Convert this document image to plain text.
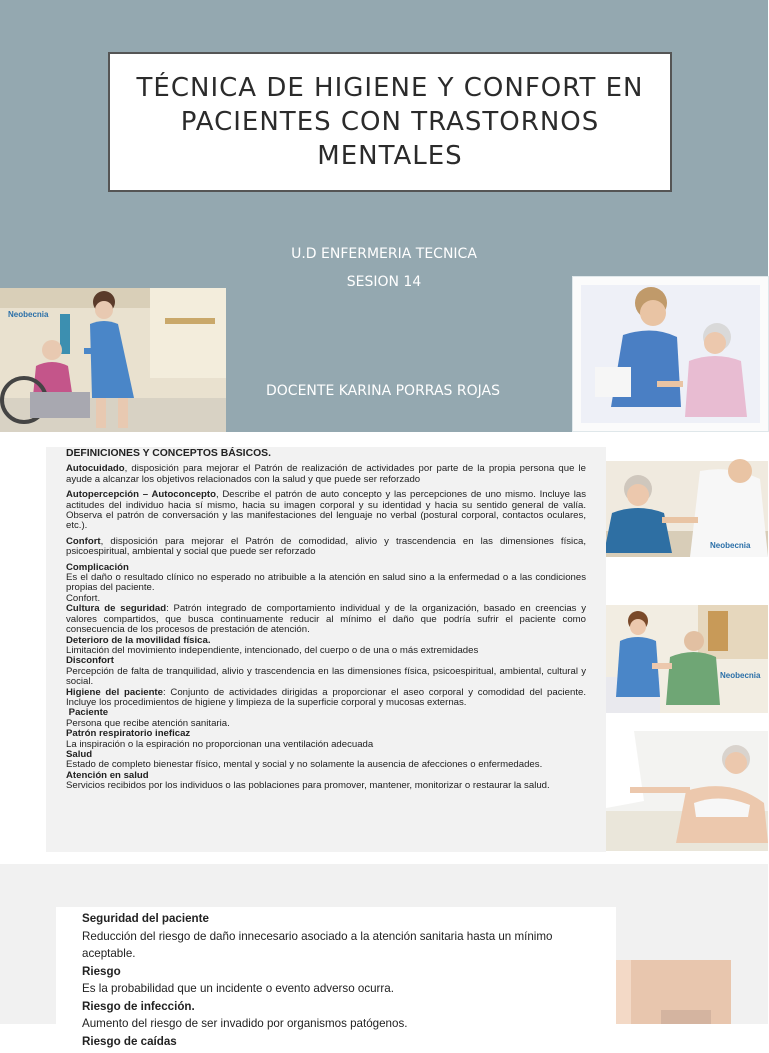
TÉCNICA DE HIGIENE Y CONFORT EN PACIENTES CON TRASTORNOS MENTALES
U.D ENFERMERIA TECNICA
SESION 14
DOCENTE KARINA PORRAS ROJAS
Neobecnia
Neobecnia
Neobecnia
DEFINICIONES Y CONCEPTOS BÁSICOS.

Autocuidado, disposición para mejorar el Patrón de realización de actividades por parte de la propia persona que le ayude a alcanzar los objetivos relacionados con la salud y que puede ser reforzado

Autopercepción – Autoconcepto, Describe el patrón de auto concepto y las percepciones de uno mismo. Incluye las actitudes del individuo hacia sí mismo, hacia su imagen corporal y su identidad y hacia su sentido general de valía. Observa el patrón de conversación y las manifestaciones del lenguaje no verbal (postural corporal, contactos oculares, etc.).

Confort, disposición para mejorar el Patrón de comodidad, alivio y trascendencia en las dimensiones física, psicoespiritual, ambiental y social que puede ser reforzado

Complicación

Es el daño o resultado clínico no esperado no atribuible a la atención en salud sino a la enfermedad o a las condiciones propias del paciente.

Confort.

Cultura de seguridad: Patrón integrado de comportamiento individual y de la organización, basado en creencias y valores compartidos, que busca continuamente reducir al mínimo el daño que podría sufrir el paciente como consecuencia de los procesos de prestación de atención.

Deterioro de la movilidad física.

Limitación del movimiento independiente, intencionado, del cuerpo o de una o más extremidades

Disconfort

Percepción de falta de tranquilidad, alivio y trascendencia en las dimensiones física, psicoespiritual, ambiental, cultural y social.

Higiene del paciente: Conjunto de actividades dirigidas a proporcionar el aseo corporal y comodidad del paciente. Incluye los procedimientos de higiene y limpieza de la superficie corporal y mucosas externas.

Paciente

Persona que recibe atención sanitaria.

Patrón respiratorio ineficaz

La inspiración o la espiración no proporcionan una ventilación adecuada

Salud

Estado de completo bienestar físico, mental y social y no solamente la ausencia de afecciones o enfermedades.

Atención en salud

Servicios recibidos por los individuos o las poblaciones para promover, mantener, monitorizar o restaurar la salud.

Seguridad del paciente
Reducción del riesgo de daño innecesario asociado a la atención sanitaria hasta un mínimo aceptable.
Riesgo
Es la probabilidad que un incidente o evento adverso ocurra.
Riesgo de infección.
Aumento del riesgo de ser invadido por organismos patógenos.
Riesgo de caídas
